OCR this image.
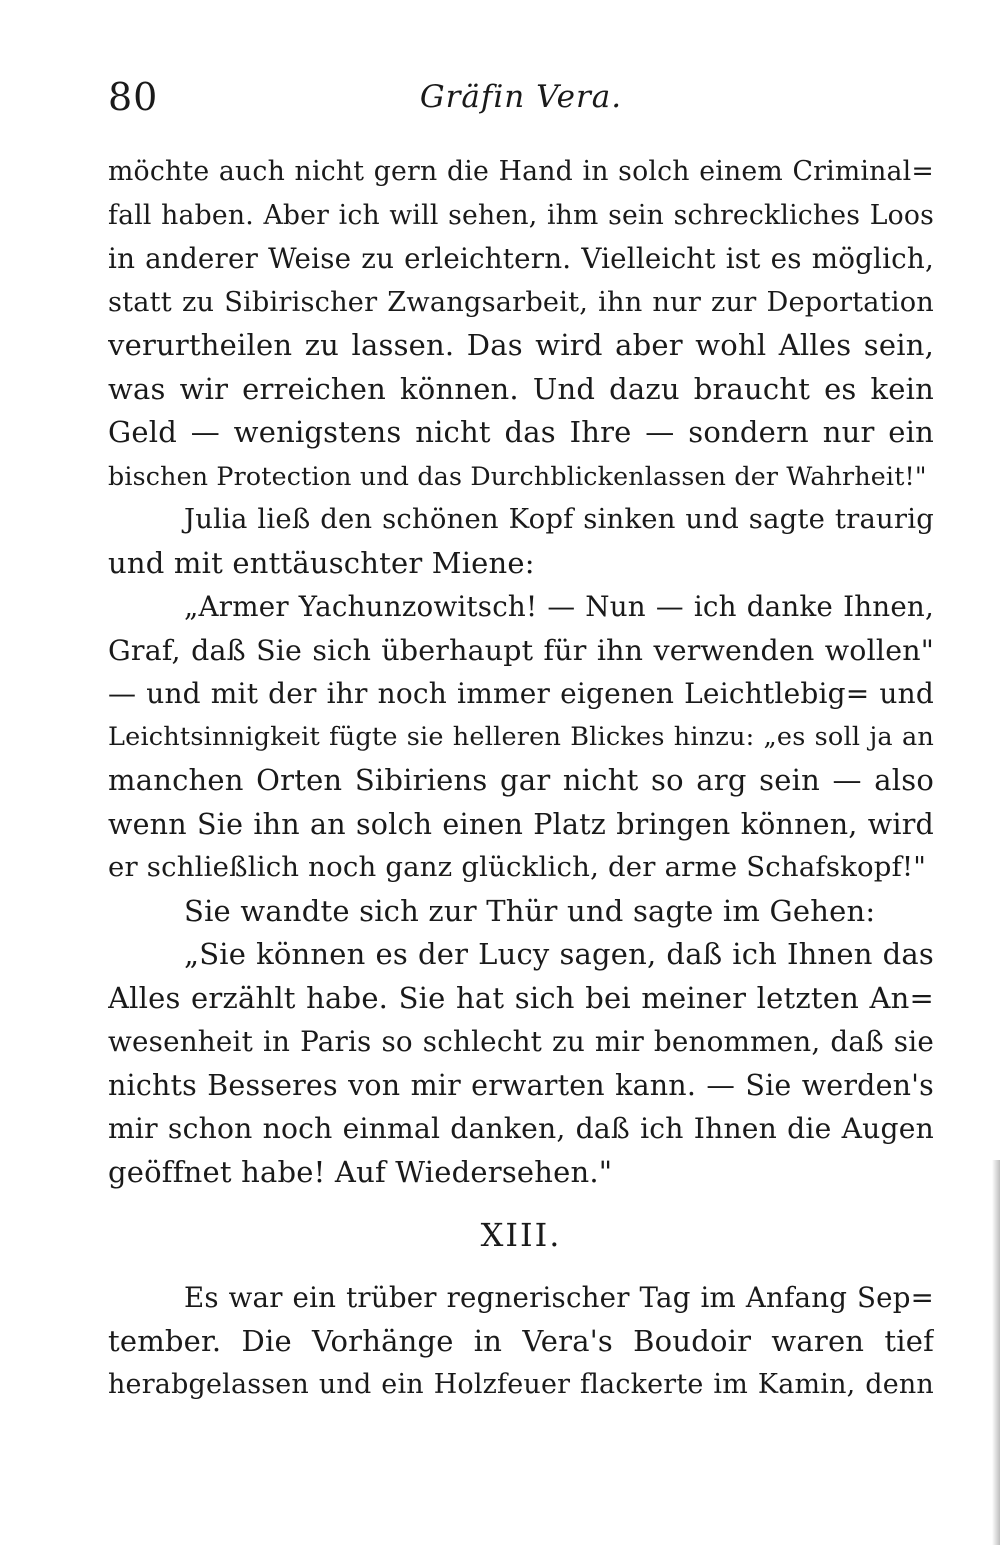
80	Gräfin Vera.
möchte auch nicht gern die Hand in solch einem Criminal=
fall haben. Aber ich will sehen, ihm sein schreckliches Loos
in anderer Weise zu erleichtern. Vielleicht ist es möglich,
statt zu Sibirischer Zwangsarbeit, ihn nur zur Deportation
verurtheilen zu lassen. Das wird aber wohl Alles sein,
was wir erreichen können. Und dazu braucht es kein
Geld — wenigstens nicht das Ihre — sondern nur ein
bischen Protection und das Durchblickenlassen der Wahrheit!"
Julia ließ den schönen Kopf sinken und sagte traurig
und mit enttäuschter Miene:
„Armer Yachunzowitsch! — Nun — ich danke Ihnen,
Graf, daß Sie sich überhaupt für ihn verwenden wollen"
— und mit der ihr noch immer eigenen Leichtlebig= und
Leichtsinnigkeit fügte sie helleren Blickes hinzu: „es soll ja an
manchen Orten Sibiriens gar nicht so arg sein — also
wenn Sie ihn an solch einen Platz bringen können, wird
er schließlich noch ganz glücklich, der arme Schafskopf!"
Sie wandte sich zur Thür und sagte im Gehen:
„Sie können es der Lucy sagen, daß ich Ihnen das
Alles erzählt habe. Sie hat sich bei meiner letzten An=
wesenheit in Paris so schlecht zu mir benommen, daß sie
nichts Besseres von mir erwarten kann. — Sie werden's
mir schon noch einmal danken, daß ich Ihnen die Augen
geöffnet habe! Auf Wiedersehen."
XIII.
Es war ein trüber regnerischer Tag im Anfang Sep=
tember. Die Vorhänge in Vera's Boudoir waren tief
herabgelassen und ein Holzfeuer flackerte im Kamin, denn
